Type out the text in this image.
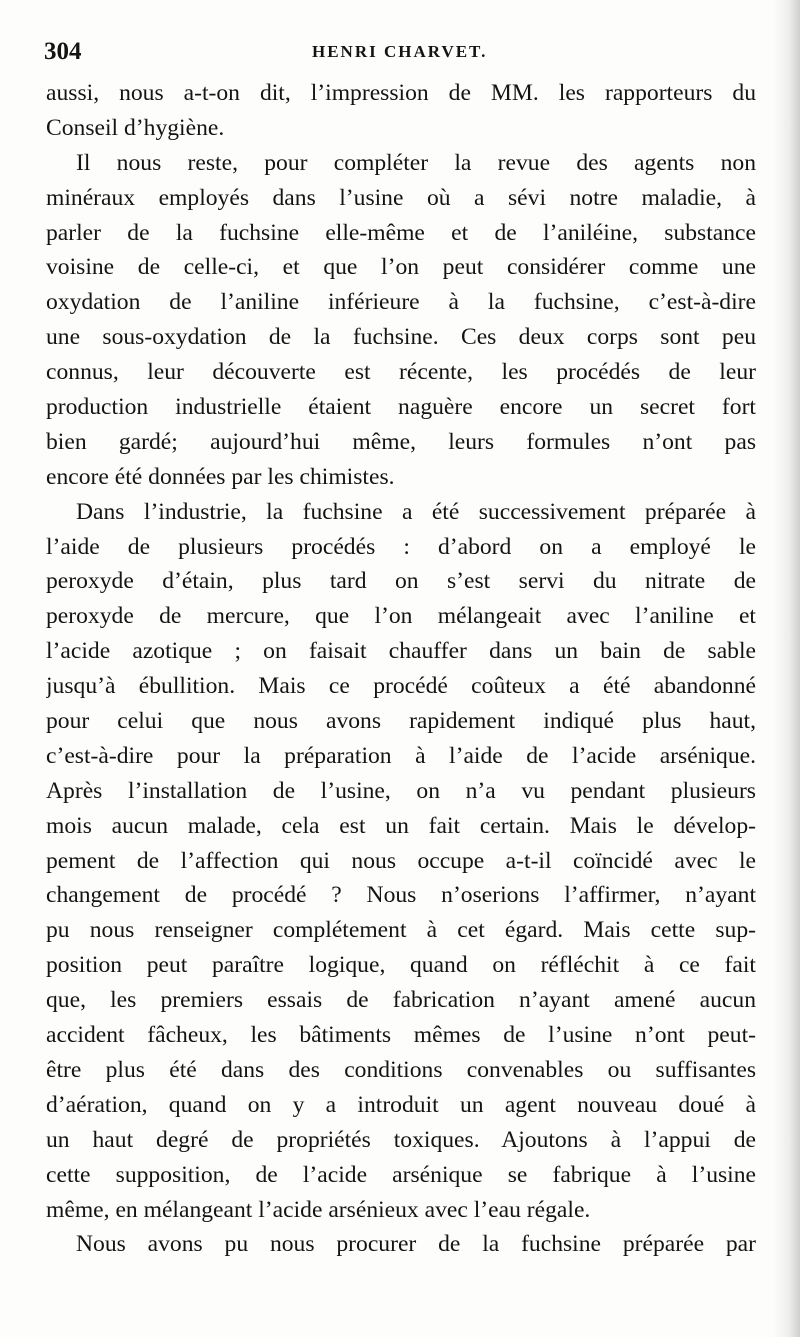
304	HENRI CHARVET.
aussi, nous a-t-on dit, l’impression de MM. les rapporteurs du
Conseil d’hygiène.
Il nous reste, pour compléter la revue des agents non
minéraux employés dans l’usine où a sévi notre maladie, à
parler de la fuchsine elle-même et de l’aniléine, substance
voisine de celle-ci, et que l’on peut considérer comme une
oxydation de l’aniline inférieure à la fuchsine, c’est-à-dire
une sous-oxydation de la fuchsine. Ces deux corps sont peu
connus, leur découverte est récente, les procédés de leur
production industrielle étaient naguère encore un secret fort
bien gardé; aujourd’hui même, leurs formules n’ont pas
encore été données par les chimistes.
Dans l’industrie, la fuchsine a été successivement préparée à
l’aide de plusieurs procédés : d’abord on a employé le
peroxyde d’étain, plus tard on s’est servi du nitrate de
peroxyde de mercure, que l’on mélangeait avec l’aniline et
l’acide azotique ; on faisait chauffer dans un bain de sable
jusqu’à ébullition. Mais ce procédé coûteux a été abandonné
pour celui que nous avons rapidement indiqué plus haut,
c’est-à-dire pour la préparation à l’aide de l’acide arsénique.
Après l’installation de l’usine, on n’a vu pendant plusieurs
mois aucun malade, cela est un fait certain. Mais le dévelop-
pement de l’affection qui nous occupe a-t-il coïncidé avec le
changement de procédé ? Nous n’oserions l’affirmer, n’ayant
pu nous renseigner complétement à cet égard. Mais cette sup-
position peut paraître logique, quand on réfléchit à ce fait
que, les premiers essais de fabrication n’ayant amené aucun
accident fâcheux, les bâtiments mêmes de l’usine n’ont peut-
être plus été dans des conditions convenables ou suffisantes
d’aération, quand on y a introduit un agent nouveau doué à
un haut degré de propriétés toxiques. Ajoutons à l’appui de
cette supposition, de l’acide arsénique se fabrique à l’usine
même, en mélangeant l’acide arsénieux avec l’eau régale.
Nous avons pu nous procurer de la fuchsine préparée par
